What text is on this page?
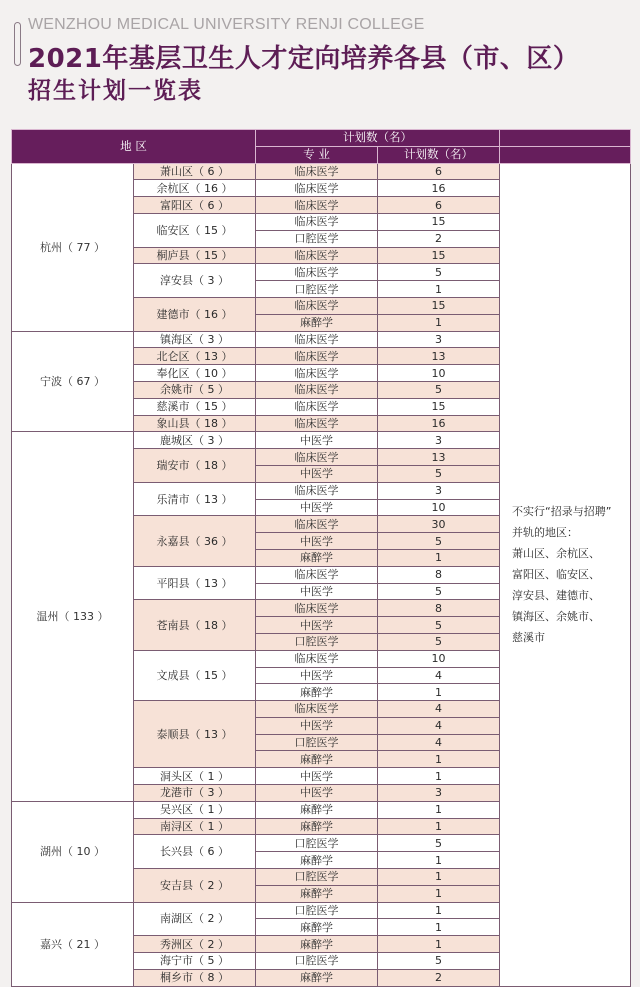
WENZHOU MEDICAL UNIVERSITY RENJI COLLEGE
2021年基层卫生人才定向培养各县（市、区）
招生计划一览表
地 区		计划数（名）		
		专 业	计划数（名）	
杭州（ 77 ）	萧山区（ 6 ）	临床医学	6	
不实行“招录与招聘”
并轨的地区：
萧山区、余杭区、
富阳区、临安区、
淳安县、建德市、
镇海区、余姚市、
慈溪市

	余杭区（ 16 ）	临床医学	16	
	富阳区（ 6 ）	临床医学	6	
	临安区（ 15 ）	临床医学	15	
		口腔医学	2	
	桐庐县（ 15 ）	临床医学	15	
	淳安县（ 3 ）	临床医学	5	
		口腔医学	1	
	建德市（ 16 ）	临床医学	15	
		麻醉学	1	
宁波（ 67 ）	镇海区（ 3 ）	临床医学	3	
	北仑区（ 13 ）	临床医学	13	
	奉化区（ 10 ）	临床医学	10	
	余姚市（ 5 ）	临床医学	5	
	慈溪市（ 15 ）	临床医学	15	
	象山县（ 18 ）	临床医学	16	
温州（ 133 ）	鹿城区（ 3 ）	中医学	3	
	瑞安市（ 18 ）	临床医学	13	
		中医学	5	
	乐清市（ 13 ）	临床医学	3	
		中医学	10	
	永嘉县（ 36 ）	临床医学	30	
		中医学	5	
		麻醉学	1	
	平阳县（ 13 ）	临床医学	8	
		中医学	5	
	苍南县（ 18 ）	临床医学	8	
		中医学	5	
		口腔医学	5	
	文成县（ 15 ）	临床医学	10	
		中医学	4	
		麻醉学	1	
	泰顺县（ 13 ）	临床医学	4	
		中医学	4	
		口腔医学	4	
		麻醉学	1	
	洞头区（ 1 ）	中医学	1	
	龙港市（ 3 ）	中医学	3	
湖州（ 10 ）	吴兴区（ 1 ）	麻醉学	1	
	南浔区（ 1 ）	麻醉学	1	
	长兴县（ 6 ）	口腔医学	5	
		麻醉学	1	
	安吉县（ 2 ）	口腔医学	1	
		麻醉学	1	
嘉兴（ 21 ）	南湖区（ 2 ）	口腔医学	1	
		麻醉学	1	
	秀洲区（ 2 ）	麻醉学	1	
	海宁市（ 5 ）	口腔医学	5	
	桐乡市（ 8 ）	麻醉学	2	
